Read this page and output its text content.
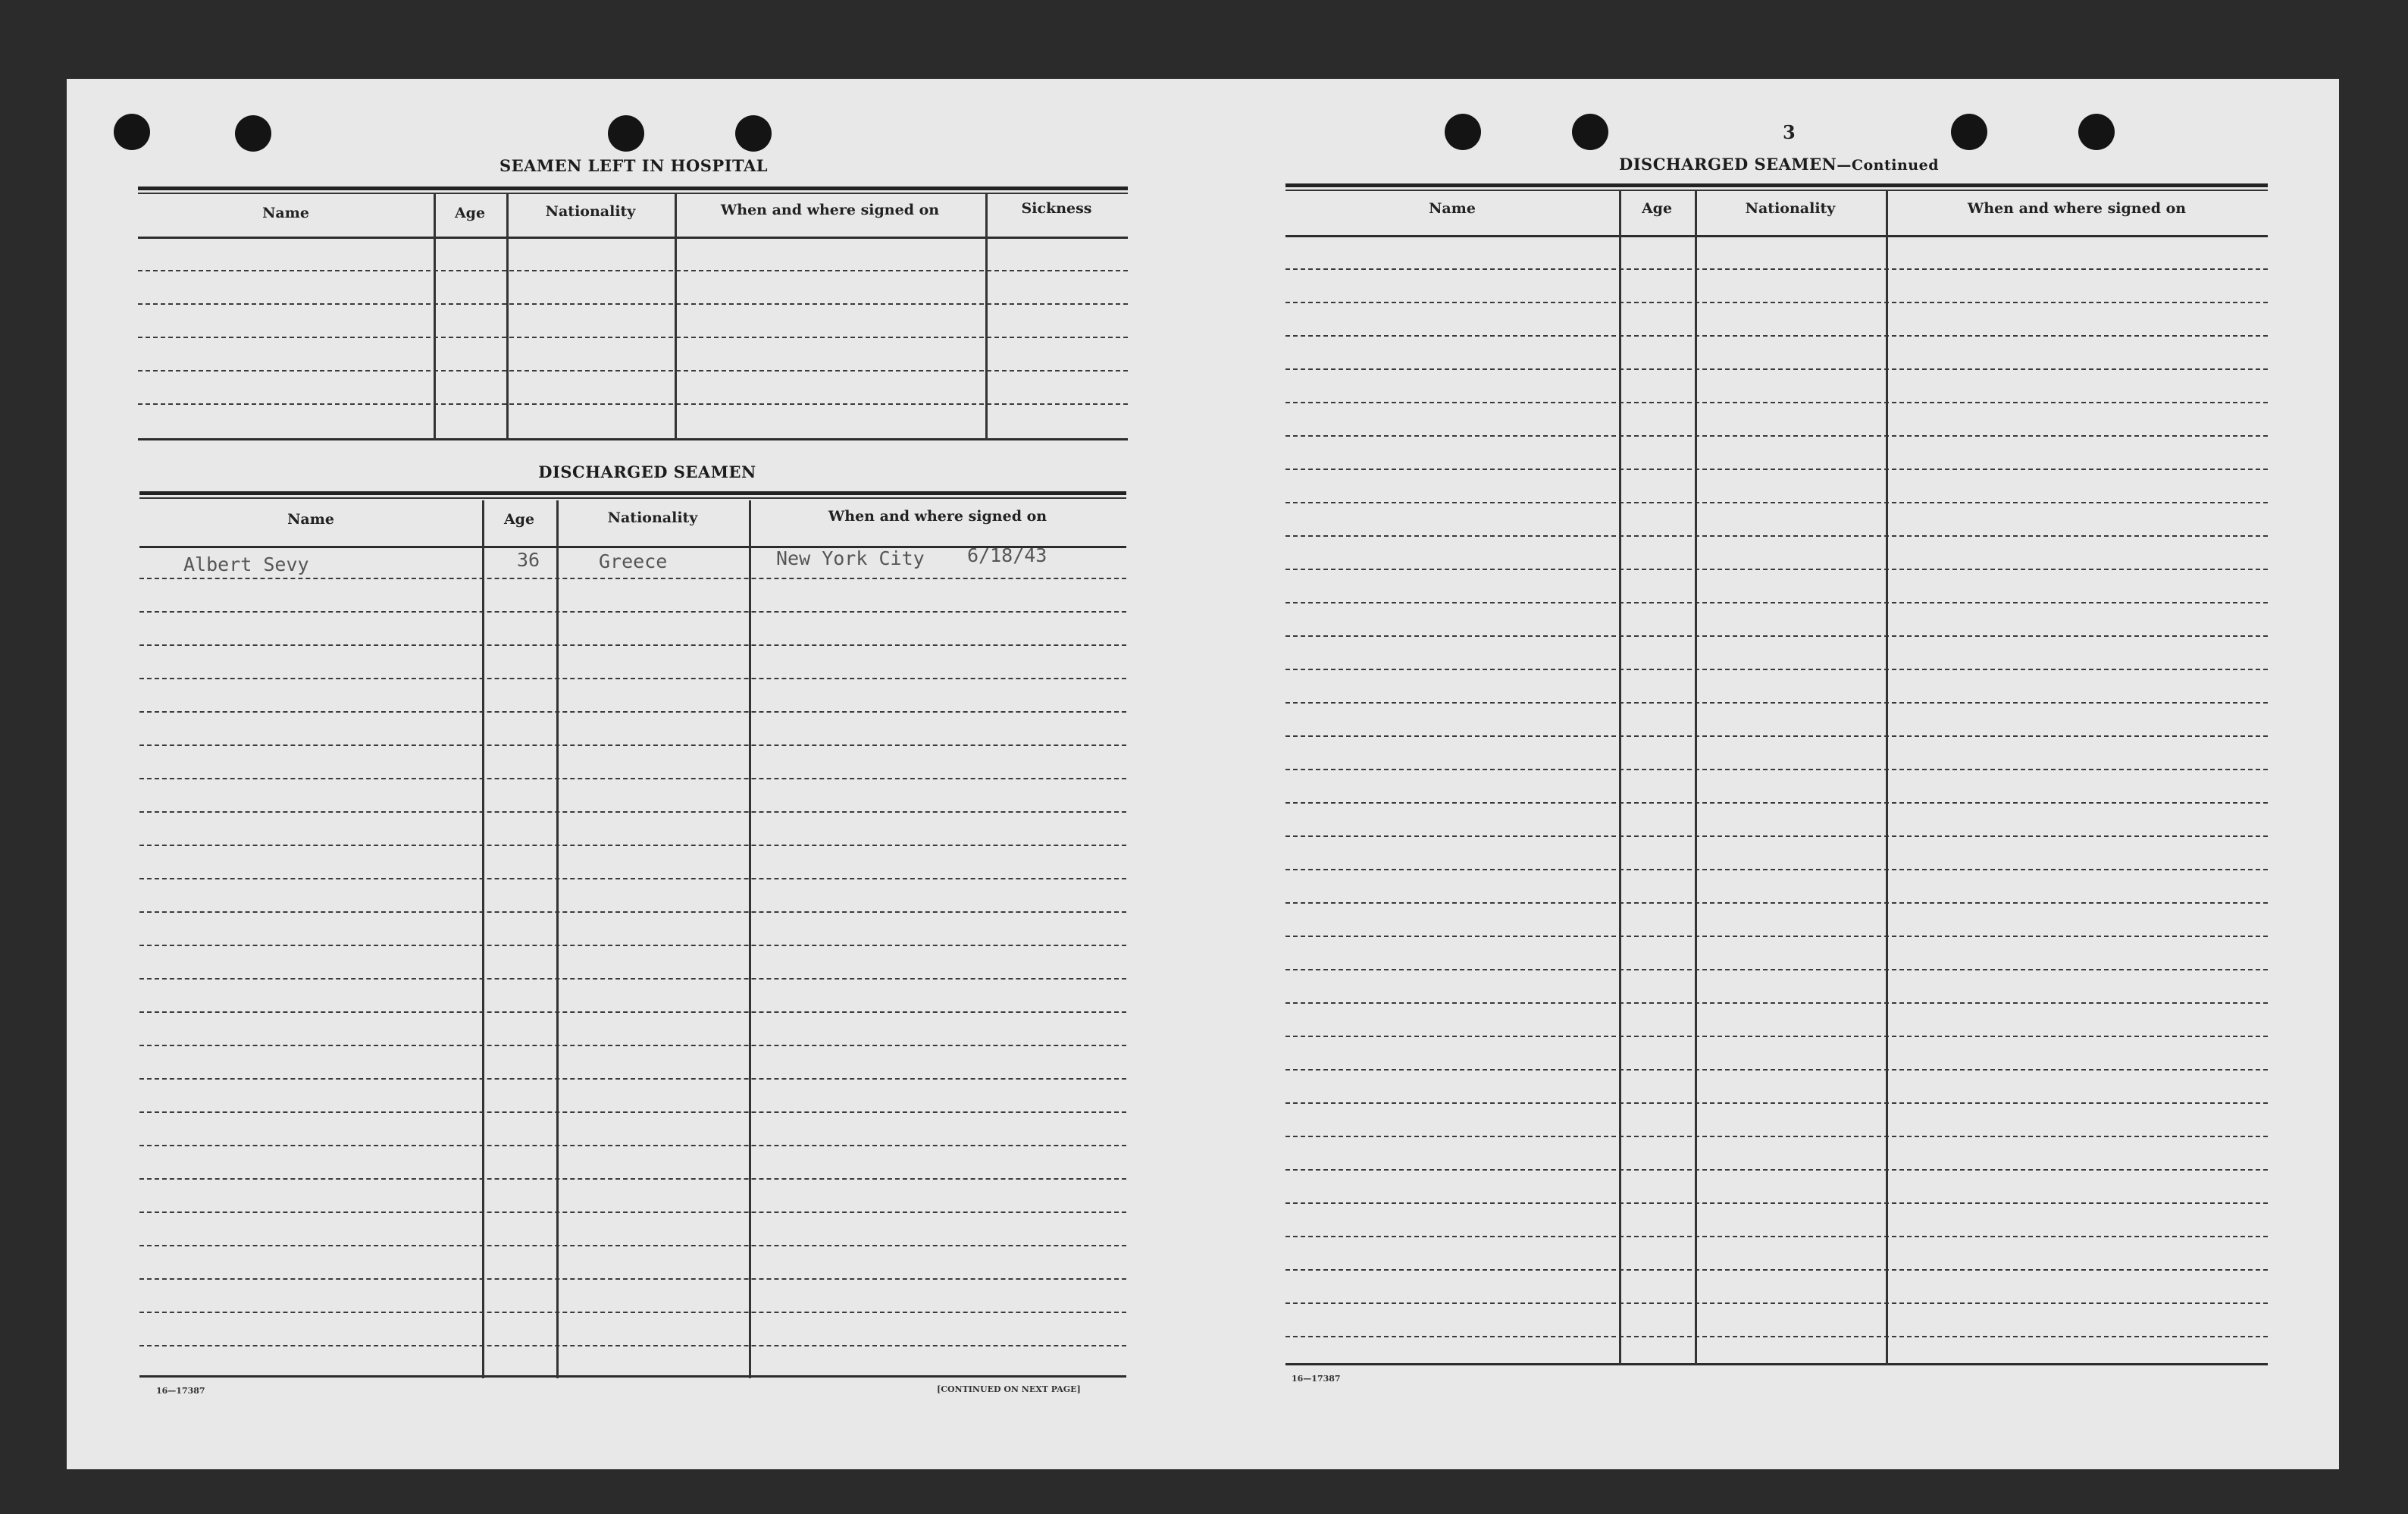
SEAMEN LEFT IN HOSPITAL
Name	Age	Nationality	When and where signed on	Sickness
DISCHARGED SEAMEN
Name	Age	Nationality	When and where signed on
Albert Sevy	36	Greece	New York City 6/18/43
16—17387	[CONTINUED ON NEXT PAGE]
3
DISCHARGED SEAMEN—Continued
Name	Age	Nationality	When and where signed on
16—17387
